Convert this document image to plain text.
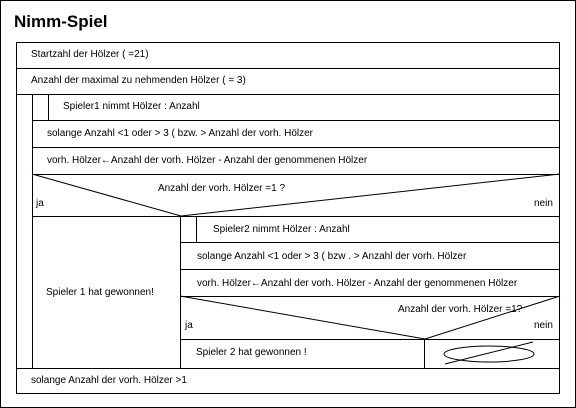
Nimm-Spiel
Startzahl der Hölzer ( =21)
Anzahl der maximal zu nehmenden Hölzer ( = 3)
Spieler1 nimmt Hölzer : Anzahl
solange Anzahl <1 oder > 3 ( bzw. > Anzahl der vorh. Hölzer
vorh. Hölzer←Anzahl der vorh. Hölzer - Anzahl der genommenen Hölzer
Anzahl der vorh. Hölzer =1 ?
ja	nein
Spieler 1 hat gewonnen!
Spieler2 nimmt Hölzer : Anzahl
solange Anzahl <1 oder > 3 ( bzw . > Anzahl der vorh. Hölzer
vorh. Hölzer←Anzahl der vorh. Hölzer - Anzahl der genommenen Hölzer
Anzahl der vorh. Hölzer =1?
ja	nein
Spieler 2 hat gewonnen !
solange Anzahl der vorh. Hölzer >1
